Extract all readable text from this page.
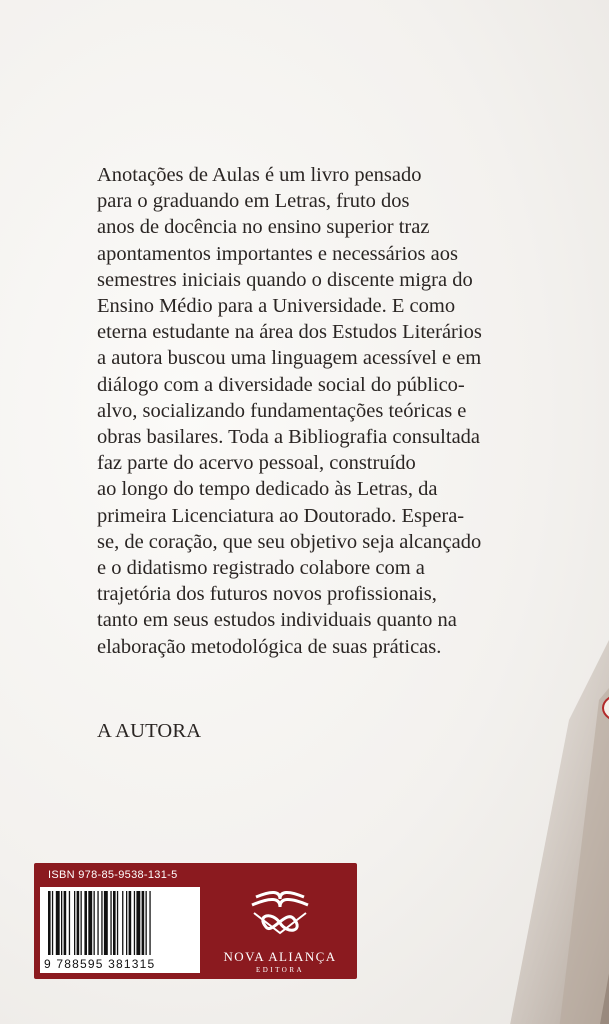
Anotações de Aulas é um livro pensado
para o graduando em Letras, fruto dos
anos de docência no ensino superior traz
apontamentos importantes e necessários aos
semestres iniciais quando o discente migra do
Ensino Médio para a Universidade. E como
eterna estudante na área dos Estudos Literários
a autora buscou uma linguagem acessível e em
diálogo com a diversidade social do público-
alvo, socializando fundamentações teóricas e
obras basilares. Toda a Bibliografia consultada
faz parte do acervo pessoal, construído
ao longo do tempo dedicado às Letras, da
primeira Licenciatura ao Doutorado. Espera-
se, de coração, que seu objetivo seja alcançado
e o didatismo registrado colabore com a
trajetória dos futuros novos profissionais,
tanto em seus estudos individuais quanto na
elaboração metodológica de suas práticas.

A AUTORA
ISBN 978-85-9538-131-5
9 788595 381315	NOVA ALIANÇA
EDITORA
